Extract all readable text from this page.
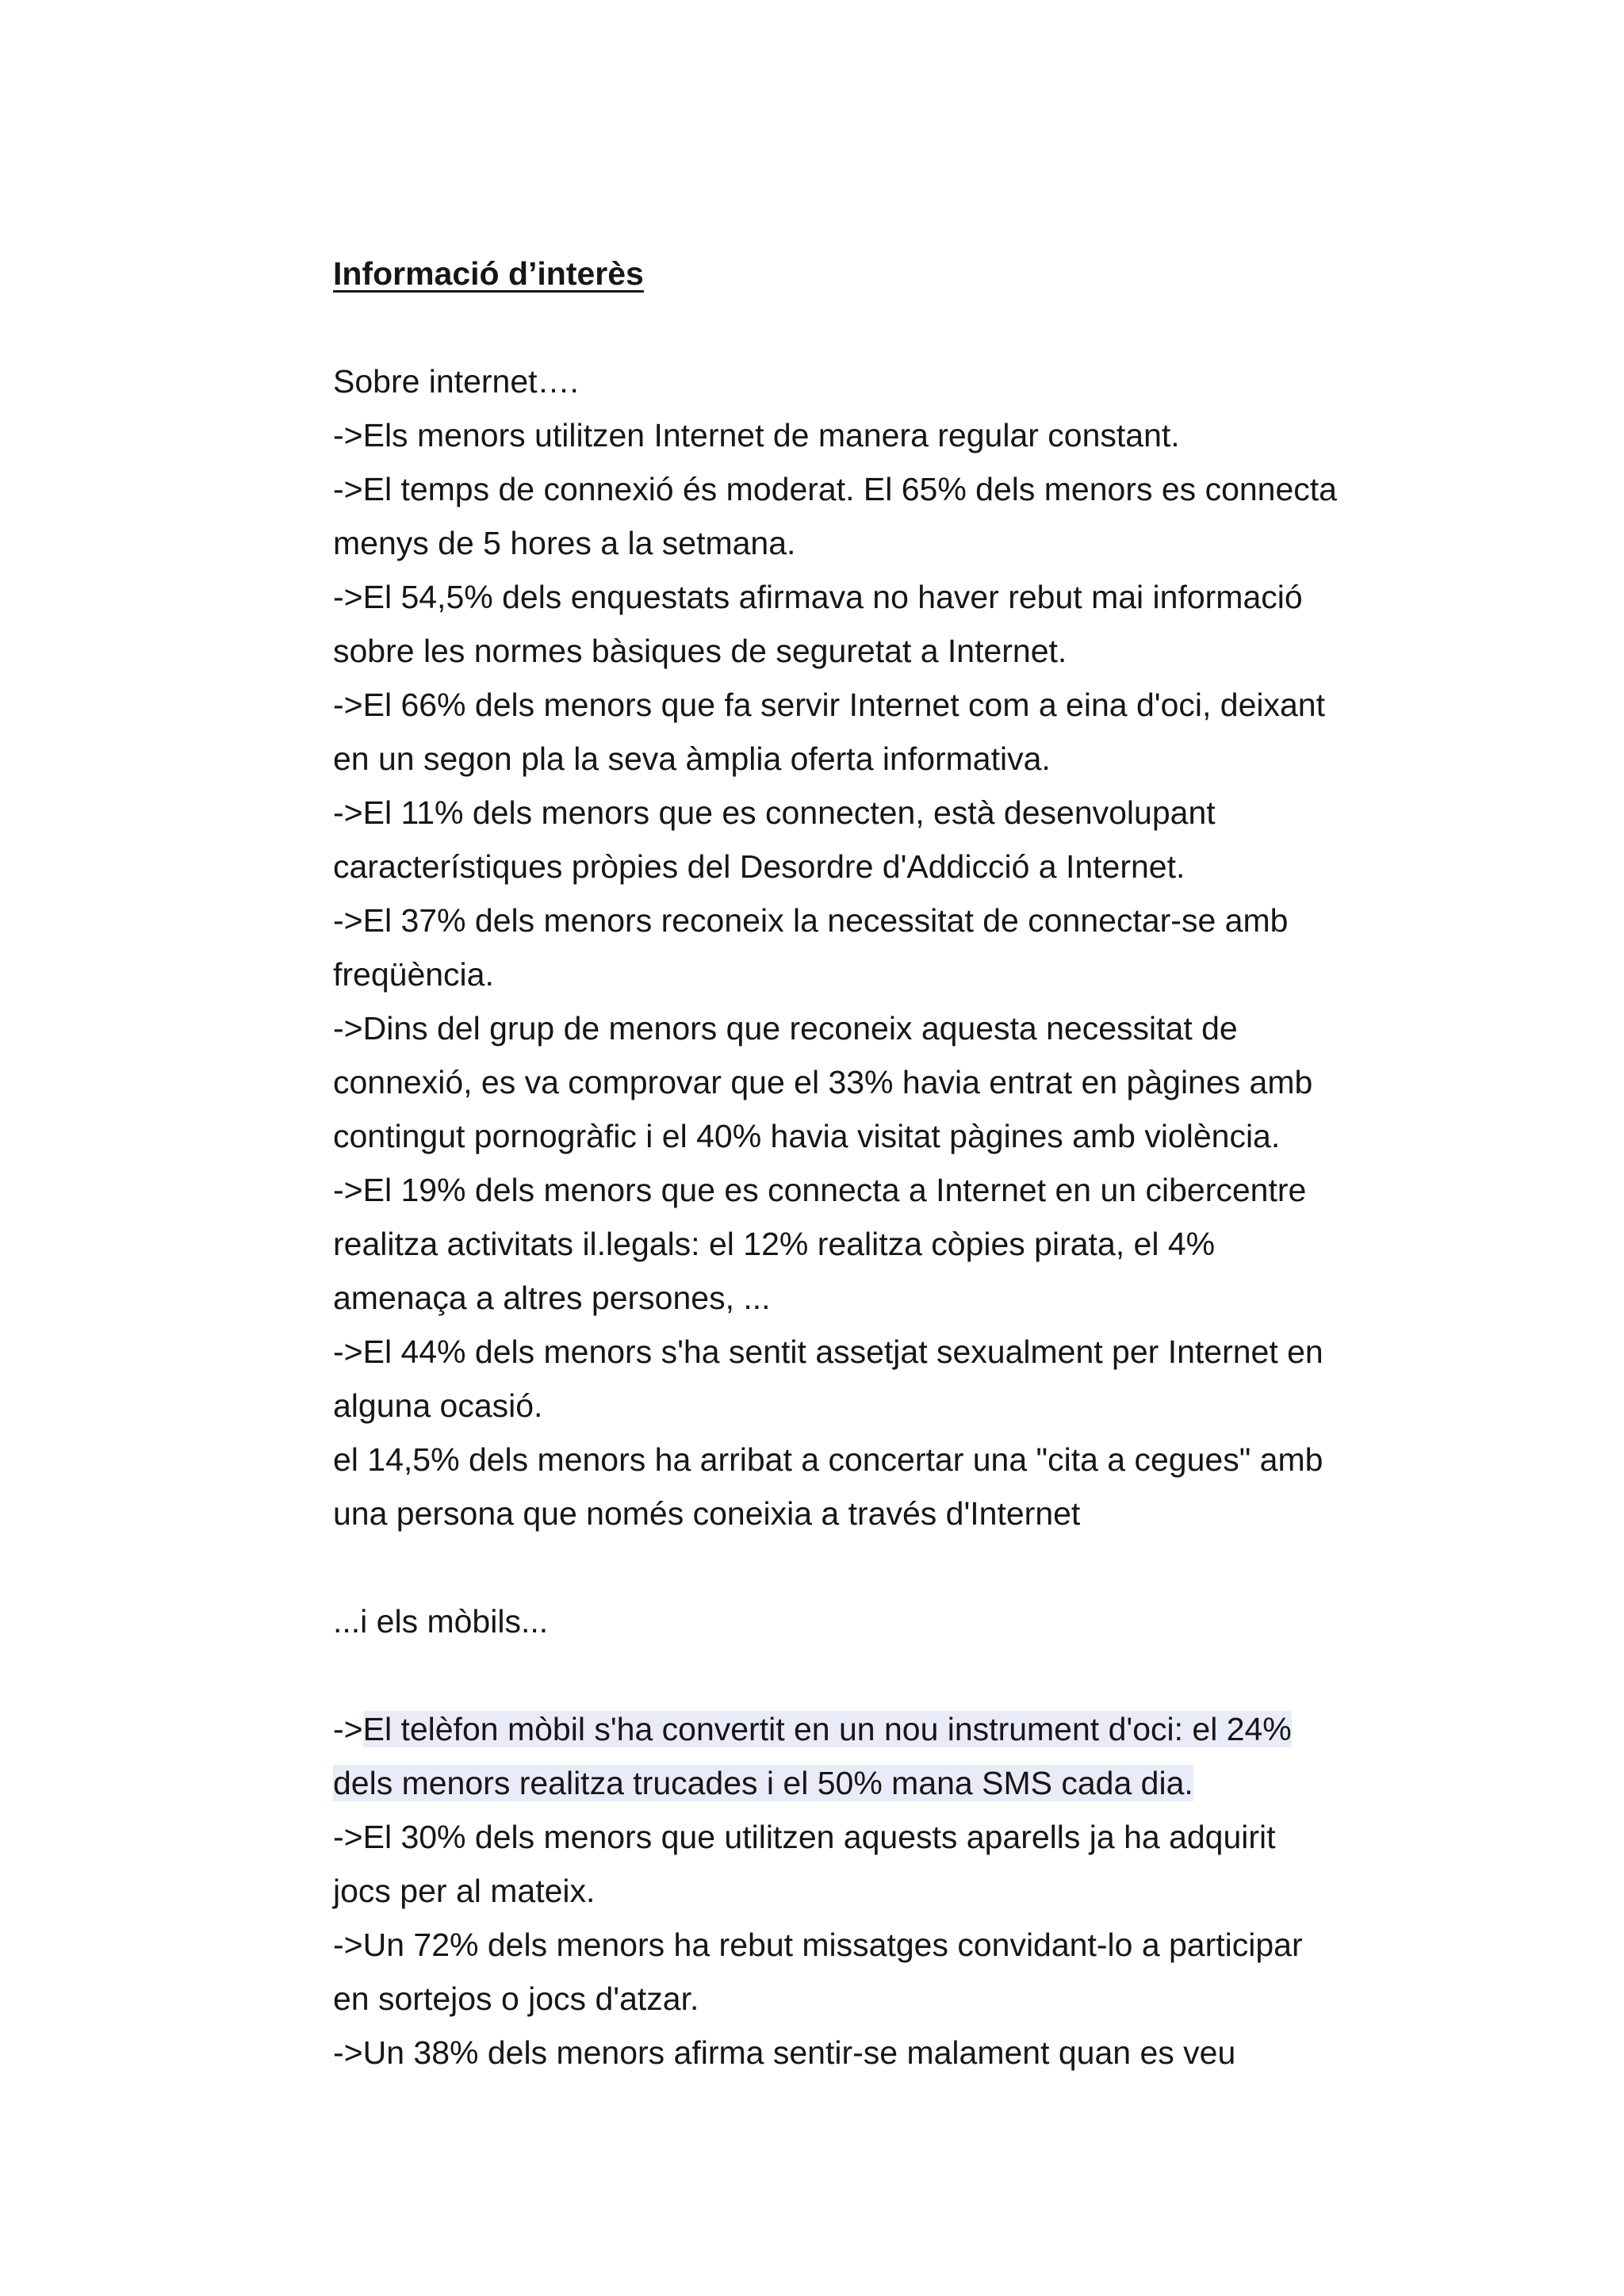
Informació d’interès
Sobre internet….
->Els menors utilitzen Internet de manera regular constant.
->El temps de connexió és moderat. El 65% dels menors es connecta
menys de 5 hores a la setmana.
->El 54,5% dels enquestats afirmava no haver rebut mai informació
sobre les normes bàsiques de seguretat a Internet.
->El 66% dels menors que fa servir Internet com a eina d'oci, deixant
en un segon pla la seva àmplia oferta informativa.
->El 11% dels menors que es connecten, està desenvolupant
característiques pròpies del Desordre d'Addicció a Internet.
->El 37% dels menors reconeix la necessitat de connectar-se amb
freqüència.
->Dins del grup de menors que reconeix aquesta necessitat de
connexió, es va comprovar que el 33% havia entrat en pàgines amb
contingut pornogràfic i el 40% havia visitat pàgines amb violència.
->El 19% dels menors que es connecta a Internet en un cibercentre
realitza activitats il.legals: el 12% realitza còpies pirata, el 4%
amenaça a altres persones, ...
->El 44% dels menors s'ha sentit assetjat sexualment per Internet en
alguna ocasió.
el 14,5% dels menors ha arribat a concertar una "cita a cegues" amb
una persona que només coneixia a través d'Internet
...i els mòbils...
->El telèfon mòbil s'ha convertit en un nou instrument d'oci: el 24%
dels menors realitza trucades i el 50% mana SMS cada dia.
->El 30% dels menors que utilitzen aquests aparells ja ha adquirit
jocs per al mateix.
->Un 72% dels menors ha rebut missatges convidant-lo a participar
en sortejos o jocs d'atzar.
->Un 38% dels menors afirma sentir-se malament quan es veu
